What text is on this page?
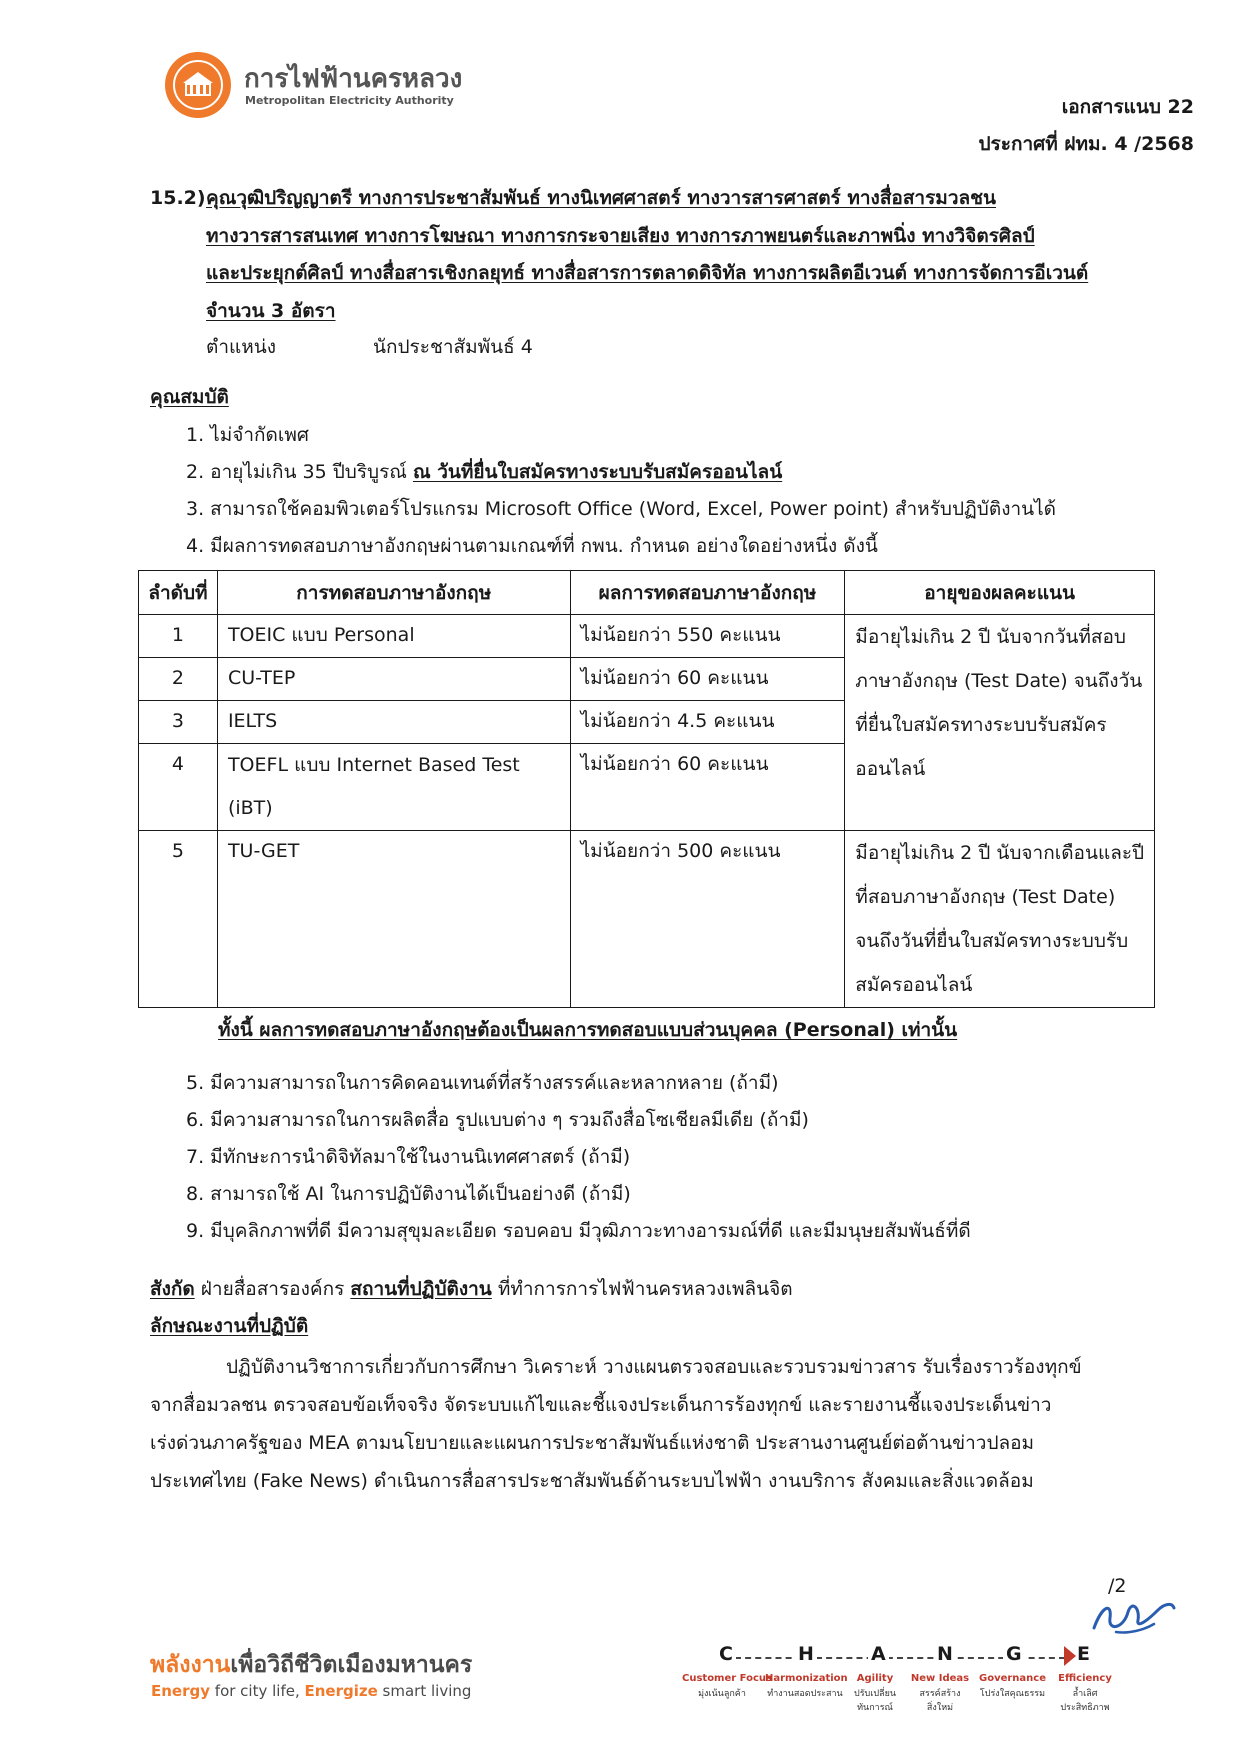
การไฟฟ้านครหลวง
Metropolitan Electricity Authority	เอกสารแนบ 22
ประกาศที่ ฝทม. 4 /2568
15.2) คุณวุฒิปริญญาตรี ทางการประชาสัมพันธ์ ทางนิเทศศาสตร์ ทางวารสารศาสตร์ ทางสื่อสารมวลชน
ทางวารสารสนเทศ ทางการโฆษณา ทางการกระจายเสียง ทางการภาพยนตร์และภาพนิ่ง ทางวิจิตรศิลป์
และประยุกต์ศิลป์ ทางสื่อสารเชิงกลยุทธ์ ทางสื่อสารการตลาดดิจิทัล ทางการผลิตอีเวนต์ ทางการจัดการอีเวนต์
จำนวน 3 อัตรา
ตำแหน่ง	นักประชาสัมพันธ์ 4
คุณสมบัติ
1. ไม่จำกัดเพศ
2. อายุไม่เกิน 35 ปีบริบูรณ์ ณ วันที่ยื่นใบสมัครทางระบบรับสมัครออนไลน์
3. สามารถใช้คอมพิวเตอร์โปรแกรม Microsoft Office (Word, Excel, Power point) สำหรับปฏิบัติงานได้
4. มีผลการทดสอบภาษาอังกฤษผ่านตามเกณฑ์ที่ กพน. กำหนด อย่างใดอย่างหนึ่ง ดังนี้
ลำดับที่	การทดสอบภาษาอังกฤษ	ผลการทดสอบภาษาอังกฤษ	อายุของผลคะแนน
1	TOEIC แบบ Personal	ไม่น้อยกว่า 550 คะแนน	มีอายุไม่เกิน 2 ปี นับจากวันที่สอบภาษาอังกฤษ (Test Date) จนถึงวันที่ยื่นใบสมัครทางระบบรับสมัครออนไลน์
2	CU-TEP	ไม่น้อยกว่า 60 คะแนน	
3	IELTS	ไม่น้อยกว่า 4.5 คะแนน	
4	TOEFL แบบ Internet Based Test (iBT)	ไม่น้อยกว่า 60 คะแนน	
5	TU-GET	ไม่น้อยกว่า 500 คะแนน	มีอายุไม่เกิน 2 ปี นับจากเดือนและปีที่สอบภาษาอังกฤษ (Test Date) จนถึงวันที่ยื่นใบสมัครทางระบบรับสมัครออนไลน์
ทั้งนี้ ผลการทดสอบภาษาอังกฤษต้องเป็นผลการทดสอบแบบส่วนบุคคล (Personal) เท่านั้น
5. มีความสามารถในการคิดคอนเทนต์ที่สร้างสรรค์และหลากหลาย (ถ้ามี)
6. มีความสามารถในการผลิตสื่อ รูปแบบต่าง ๆ รวมถึงสื่อโซเชียลมีเดีย (ถ้ามี)
7. มีทักษะการนำดิจิทัลมาใช้ในงานนิเทศศาสตร์ (ถ้ามี)
8. สามารถใช้ AI ในการปฏิบัติงานได้เป็นอย่างดี (ถ้ามี)
9. มีบุคลิกภาพที่ดี มีความสุขุมละเอียด รอบคอบ มีวุฒิภาวะทางอารมณ์ที่ดี และมีมนุษยสัมพันธ์ที่ดี
สังกัด ฝ่ายสื่อสารองค์กร สถานที่ปฏิบัติงาน ที่ทำการการไฟฟ้านครหลวงเพลินจิต
ลักษณะงานที่ปฏิบัติ
ปฏิบัติงานวิชาการเกี่ยวกับการศึกษา วิเคราะห์ วางแผนตรวจสอบและรวบรวมข่าวสาร รับเรื่องราวร้องทุกข์
จากสื่อมวลชน ตรวจสอบข้อเท็จจริง จัดระบบแก้ไขและชี้แจงประเด็นการร้องทุกข์ และรายงานชี้แจงประเด็นข่าว
เร่งด่วนภาครัฐของ MEA ตามนโยบายและแผนการประชาสัมพันธ์แห่งชาติ ประสานงานศูนย์ต่อต้านข่าวปลอม
ประเทศไทย (Fake News) ดำเนินการสื่อสารประชาสัมพันธ์ด้านระบบไฟฟ้า งานบริการ สังคมและสิ่งแวดล้อม
/2
พลังงานเพื่อวิถีชีวิตเมืองมหานคร
Energy for city life, Energize smart living
C	H	A	N	G	E
Customer Focus
Harmonization Agility	New Ideas Governance	Efficiency
มุ่งเน้นลูกค้า	ทำงานสอดประสาน	ปรับเปลี่ยนทันการณ์
สรรค์สร้างสิ่งใหม่
โปร่งใสคุณธรรม	ล้ำเลิศประสิทธิภาพ
